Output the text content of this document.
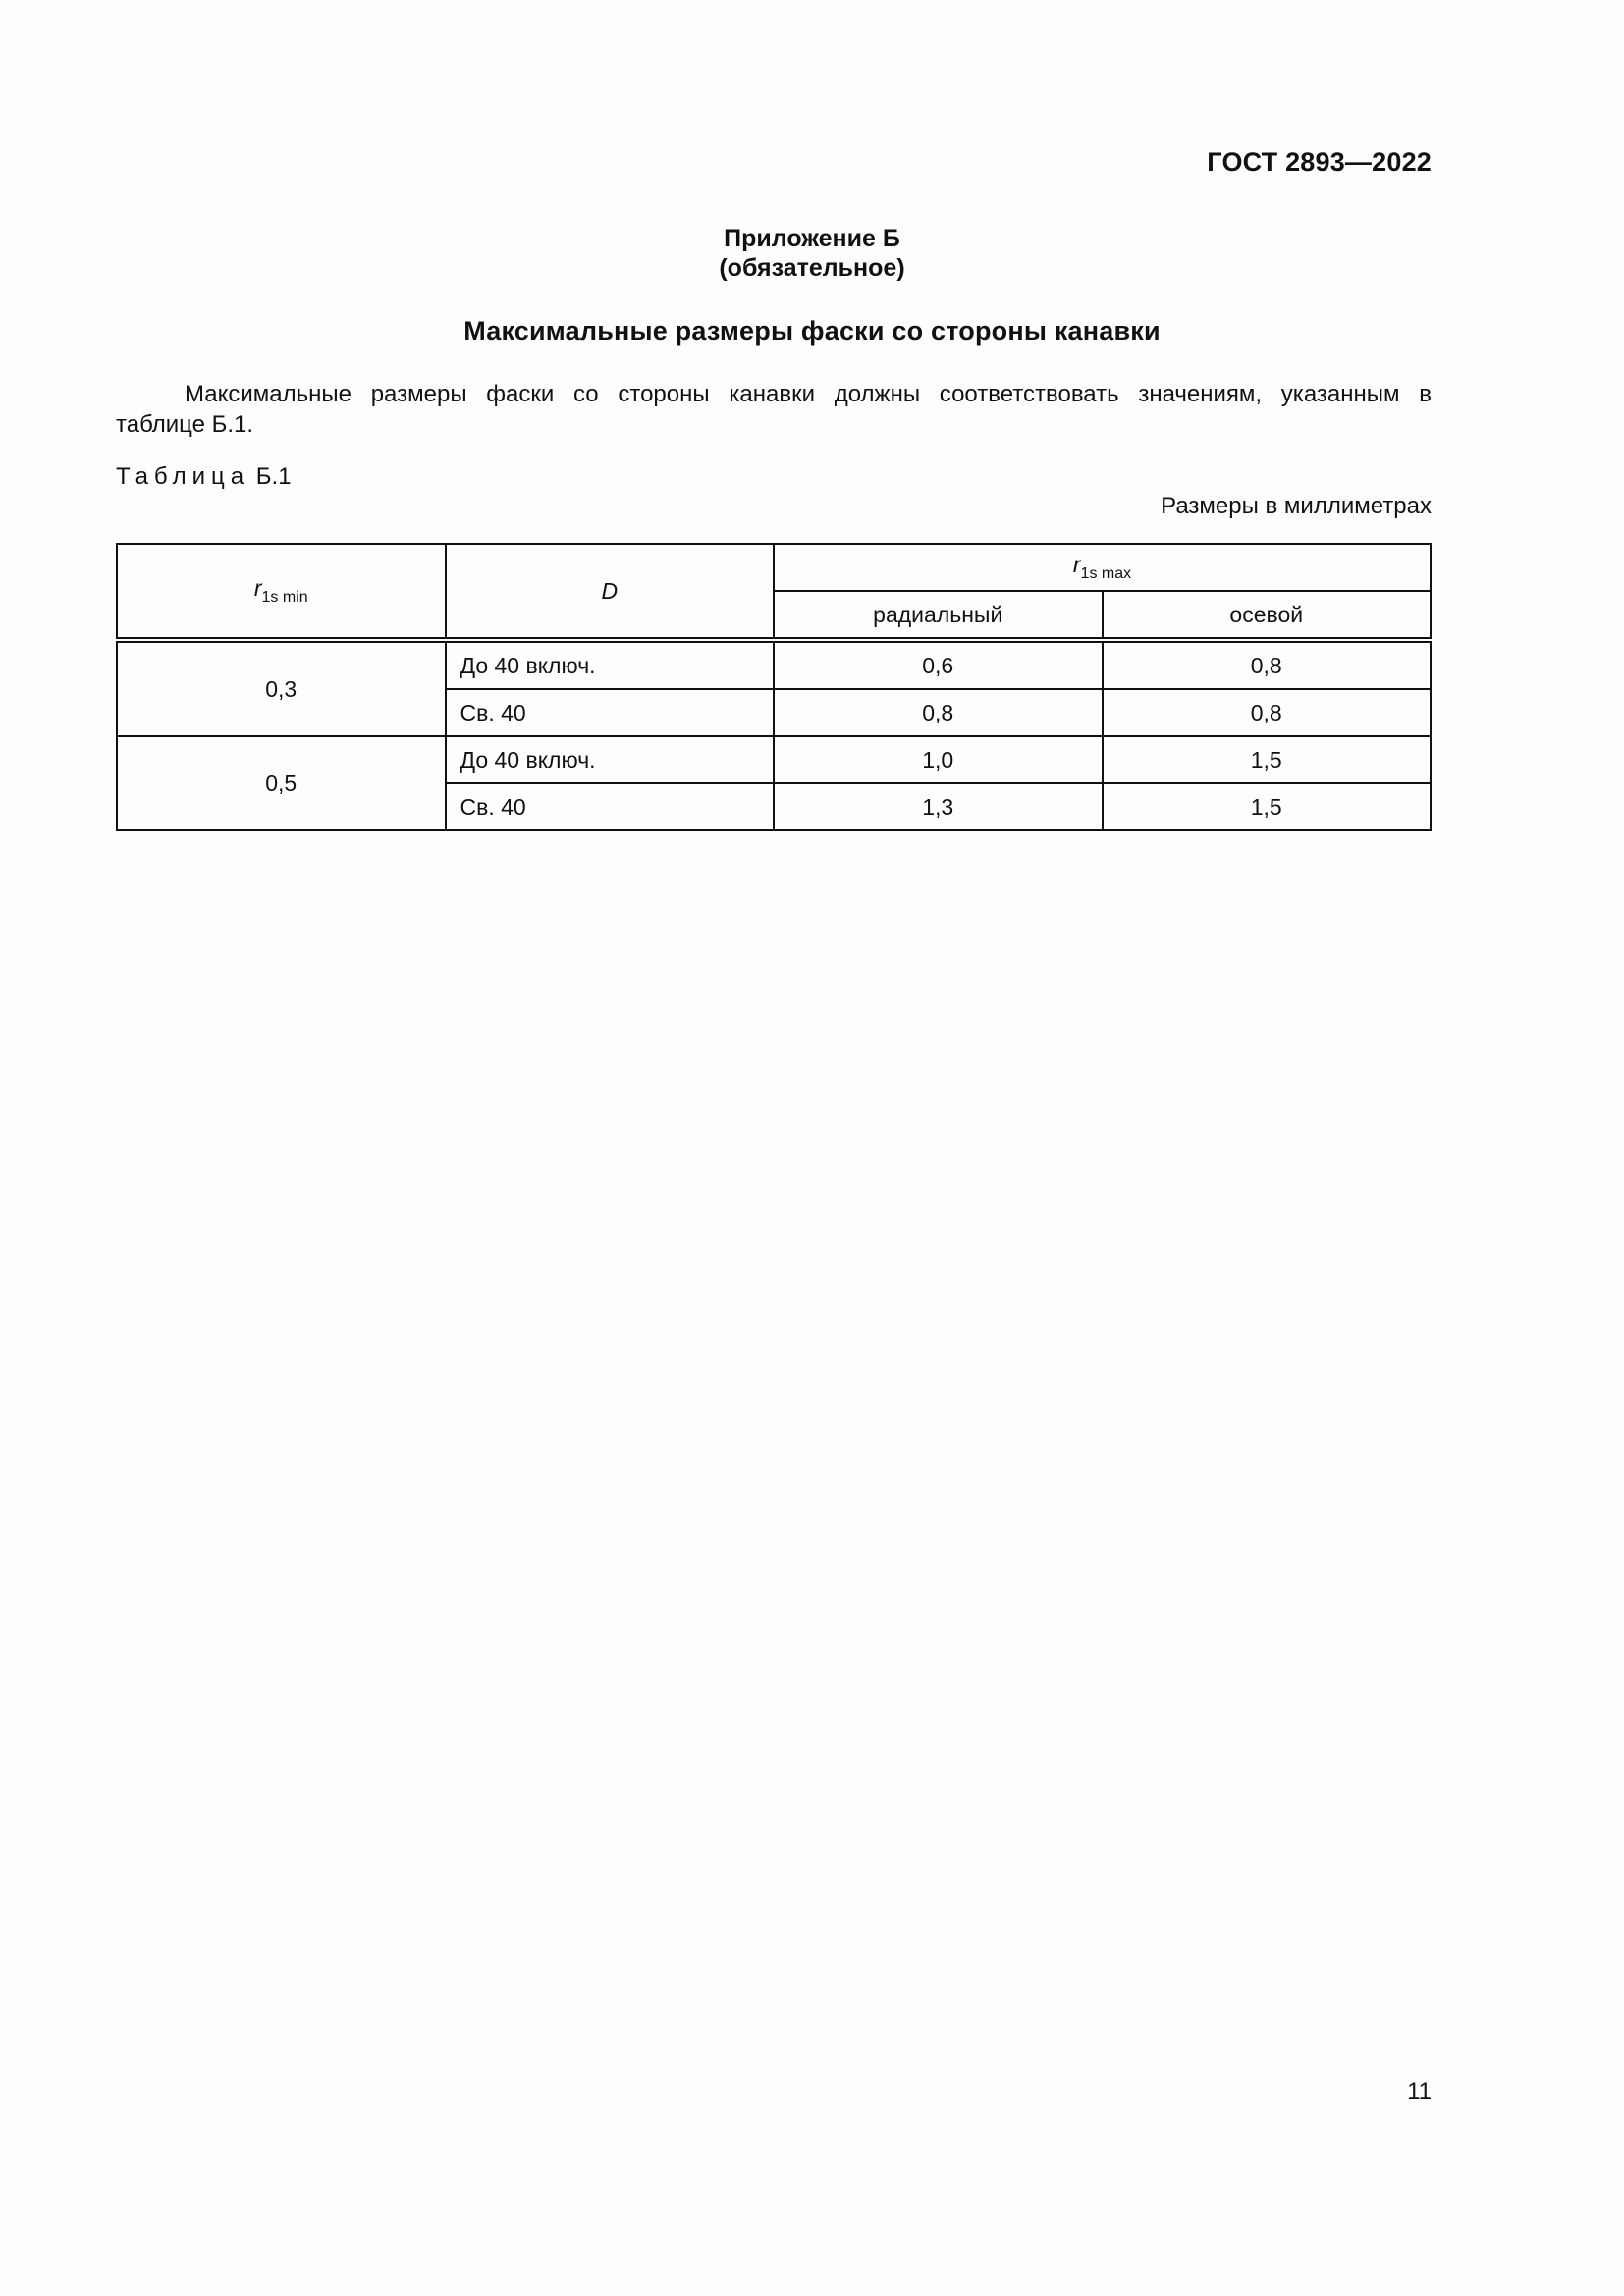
ГОСТ 2893—2022
Приложение Б
(обязательное)
Максимальные размеры фаски со стороны канавки
Максимальные размеры фаски со стороны канавки должны соответствовать значениям, указанным в
таблице Б.1.
Таблица Б.1
Размеры в миллиметрах
$r_{1s min}$	D	$r_{1s max}$
		радиальный	осевой
0,3	До 40 включ.	0,6	0,8
	Св. 40	0,8	0,8
0,5	До 40 включ.	1,0	1,5
	Св. 40	1,3	1,5
11
